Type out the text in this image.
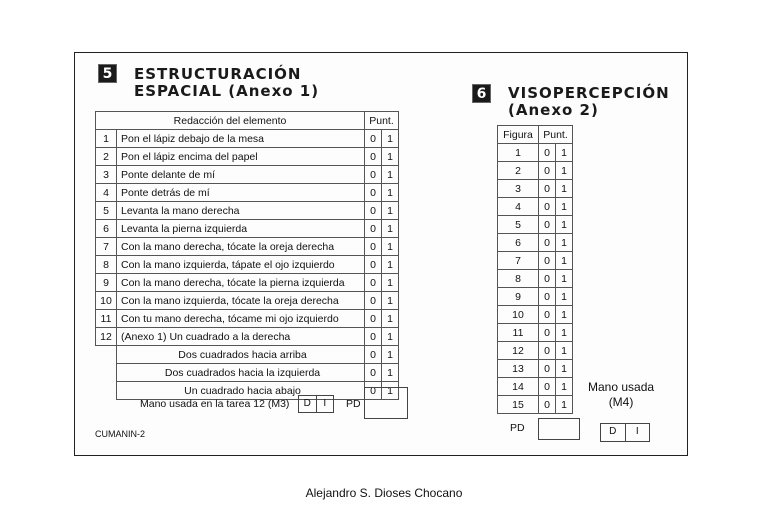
5	ESTRUCTURACIÓN
ESPACIAL (Anexo 1)
Redacción del elemento		Punt.	
1	Pon el lápiz debajo de la mesa	0	1
2	Pon el lápiz encima del papel	0	1
3	Ponte delante de mí	0	1
4	Ponte detrás de mí	0	1
5	Levanta la mano derecha	0	1
6	Levanta la pierna izquierda	0	1
7	Con la mano derecha, tócate la oreja derecha	0	1
8	Con la mano izquierda, tápate el ojo izquierdo	0	1
9	Con la mano derecha, tócate la pierna izquierda	0	1
10	Con la mano izquierda, tócate la oreja derecha	0	1
11	Con tu mano derecha, tócame mi ojo izquierdo	0	1
12	(Anexo 1) Un cuadrado a la derecha	0	1
	Dos cuadrados hacia arriba	0	1
	Dos cuadrados hacia la izquierda	0	1
	Un cuadrado hacia abajo	0	1
Mano usada en la tarea 12 (M3)	D	I	PD
CUMANIN-2
6	VISOPERCEPCIÓN
(Anexo 2)
Figura	Punt.	
1	0	1
2	0	1
3	0	1
4	0	1
5	0	1
6	0	1
7	0	1
8	0	1
9	0	1
10	0	1
11	0	1
12	0	1
13	0	1
14	0	1
15	0	1
PD
Mano usada
(M4)
D	I
Alejandro S. Dioses Chocano
